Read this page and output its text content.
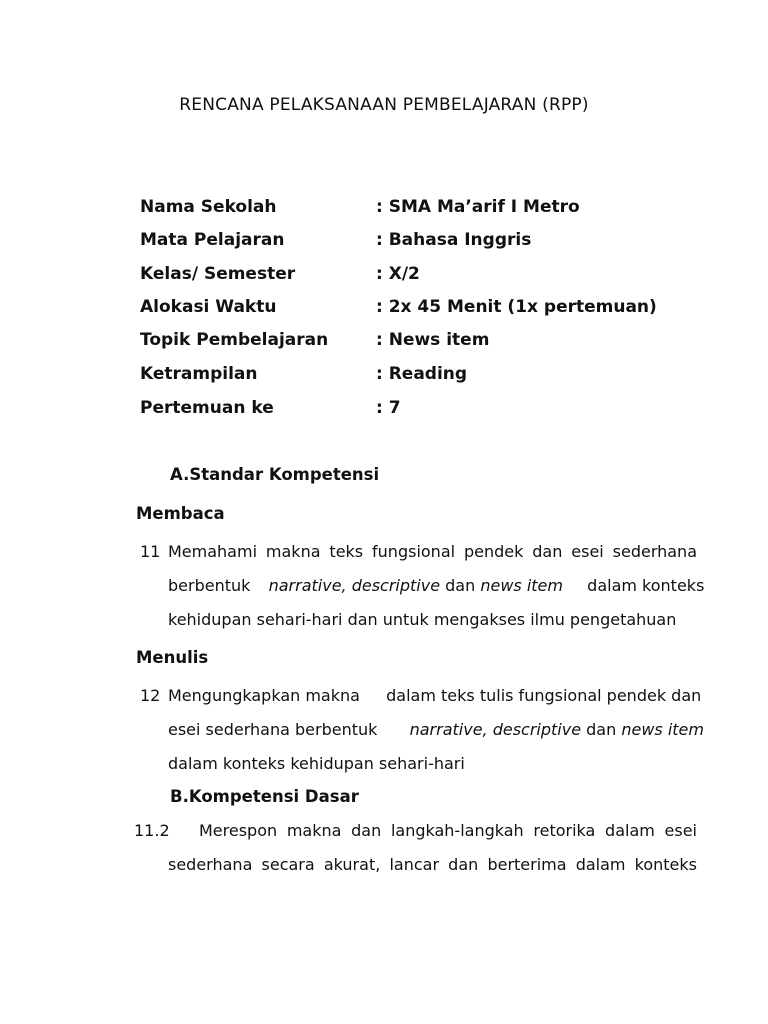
RENCANA PELAKSANAAN PEMBELAJARAN (RPP)
Nama Sekolah	: SMA Ma’arif I Metro
Mata Pelajaran	: Bahasa Inggris
Kelas/ Semester	: X/2
Alokasi Waktu	: 2x 45 Menit (1x pertemuan)
Topik Pembelajaran	: News item
Ketrampilan	: Reading
Pertemuan ke	: 7
A.Standar Kompetensi
Membaca
11 Memahami makna teks fungsional pendek dan esei sederhana
berbentuk narrative, descriptive dan news item dalam konteks
kehidupan sehari-hari dan untuk mengakses ilmu pengetahuan
Menulis
12 Mengungkapkan makna dalam teks tulis fungsional pendek dan
esei sederhana berbentuk narrative, descriptive dan news item
dalam konteks kehidupan sehari-hari
B.Kompetensi Dasar
11.2 Merespon makna dan langkah-langkah retorika dalam esei
sederhana secara akurat, lancar dan berterima dalam konteks
